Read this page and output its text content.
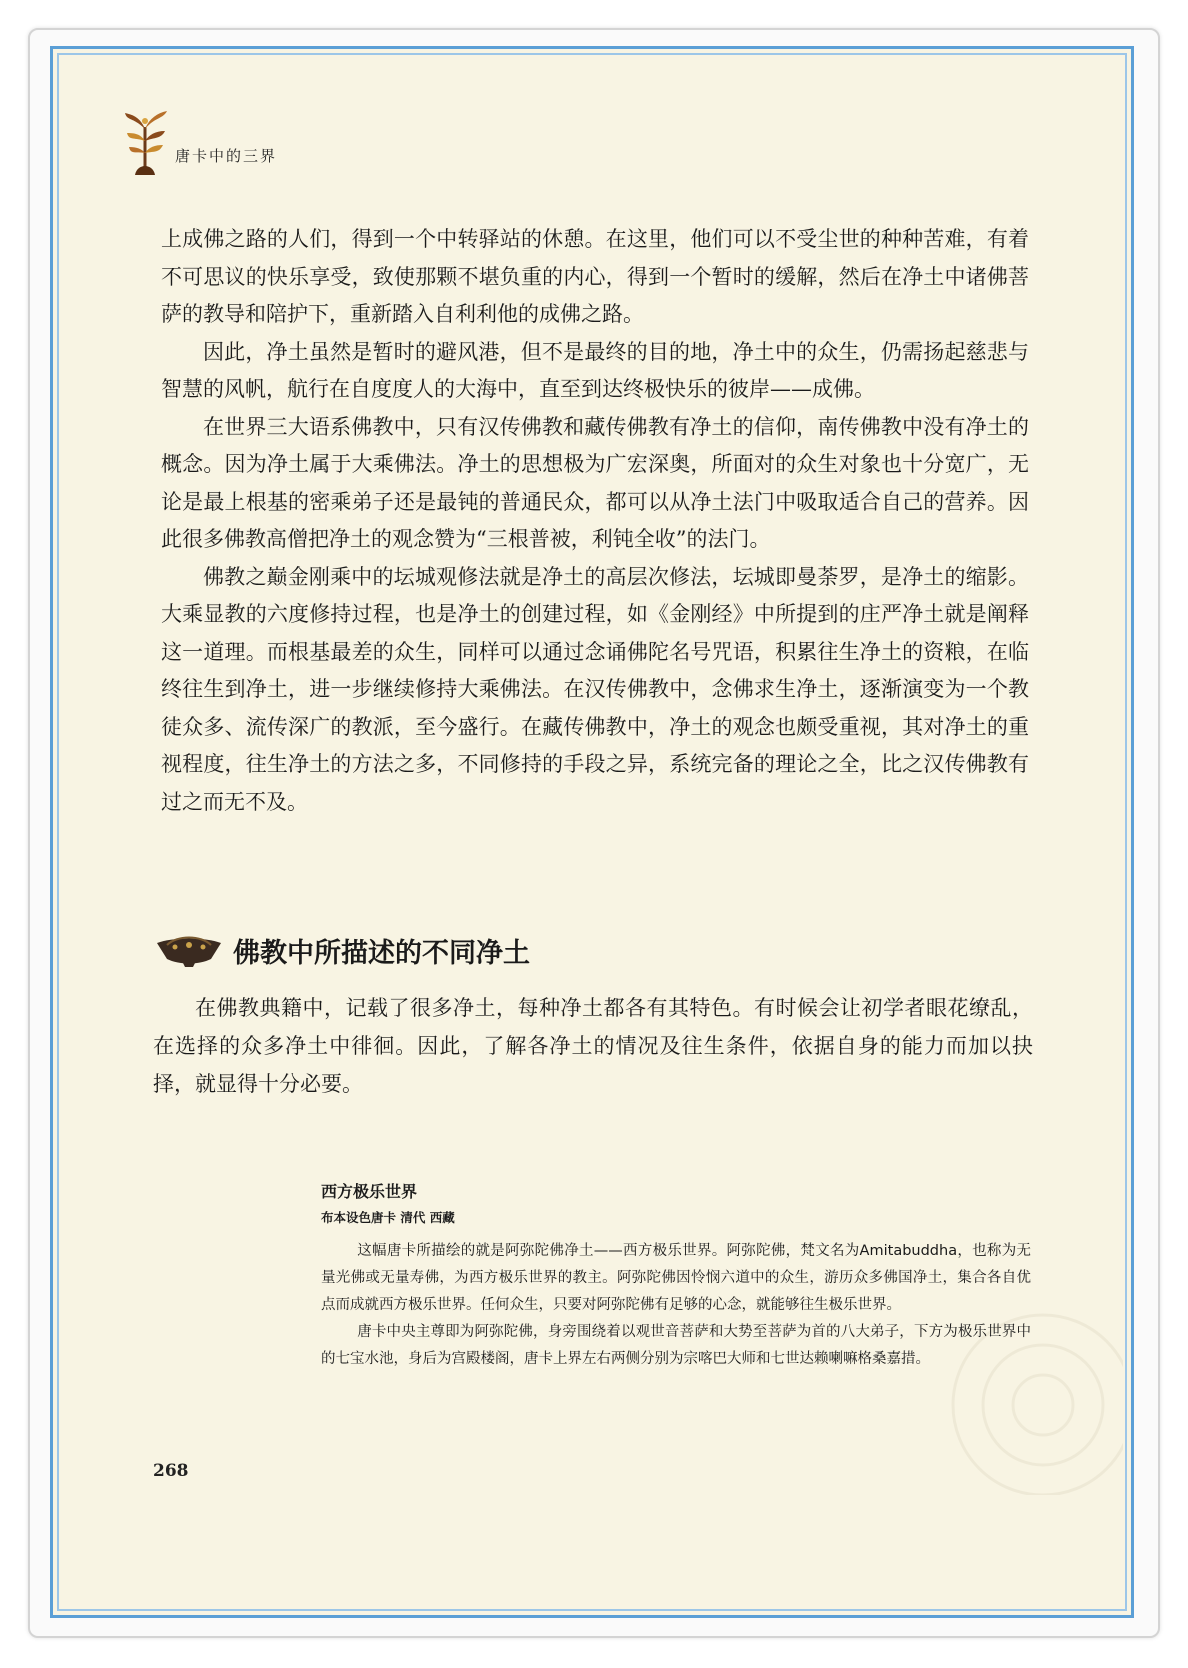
唐卡中的三界

上成佛之路的人们，得到一个中转驿站的休憩。在这里，他们可以不受尘世的种种苦难，有着不可思议的快乐享受，致使那颗不堪负重的内心，得到一个暂时的缓解，然后在净土中诸佛菩萨的教导和陪护下，重新踏入自利利他的成佛之路。

因此，净土虽然是暂时的避风港，但不是最终的目的地，净土中的众生，仍需扬起慈悲与智慧的风帆，航行在自度度人的大海中，直至到达终极快乐的彼岸——成佛。

在世界三大语系佛教中，只有汉传佛教和藏传佛教有净土的信仰，南传佛教中没有净土的概念。因为净土属于大乘佛法。净土的思想极为广宏深奥，所面对的众生对象也十分宽广，无论是最上根基的密乘弟子还是最钝的普通民众，都可以从净土法门中吸取适合自己的营养。因此很多佛教高僧把净土的观念赞为“三根普被，利钝全收”的法门。

佛教之巅金刚乘中的坛城观修法就是净土的高层次修法，坛城即曼荼罗，是净土的缩影。大乘显教的六度修持过程，也是净土的创建过程，如《金刚经》中所提到的庄严净土就是阐释这一道理。而根基最差的众生，同样可以通过念诵佛陀名号咒语，积累往生净土的资粮，在临终往生到净土，进一步继续修持大乘佛法。在汉传佛教中，念佛求生净土，逐渐演变为一个教徒众多、流传深广的教派，至今盛行。在藏传佛教中，净土的观念也颇受重视，其对净土的重视程度，往生净土的方法之多，不同修持的手段之异，系统完备的理论之全，比之汉传佛教有过之而无不及。

佛教中所描述的不同净土

在佛教典籍中，记载了很多净土，每种净土都各有其特色。有时候会让初学者眼花缭乱，在选择的众多净土中徘徊。因此，了解各净土的情况及往生条件，依据自身的能力而加以抉择，就显得十分必要。

西方极乐世界
布本设色唐卡 清代 西藏

这幅唐卡所描绘的就是阿弥陀佛净土——西方极乐世界。阿弥陀佛，梵文名为Amitabuddha，也称为无量光佛或无量寿佛，为西方极乐世界的教主。阿弥陀佛因怜悯六道中的众生，游历众多佛国净土，集合各自优点而成就西方极乐世界。任何众生，只要对阿弥陀佛有足够的心念，就能够往生极乐世界。

唐卡中央主尊即为阿弥陀佛，身旁围绕着以观世音菩萨和大势至菩萨为首的八大弟子，下方为极乐世界中的七宝水池，身后为宫殿楼阁，唐卡上界左右两侧分别为宗喀巴大师和七世达赖喇嘛格桑嘉措。

268
